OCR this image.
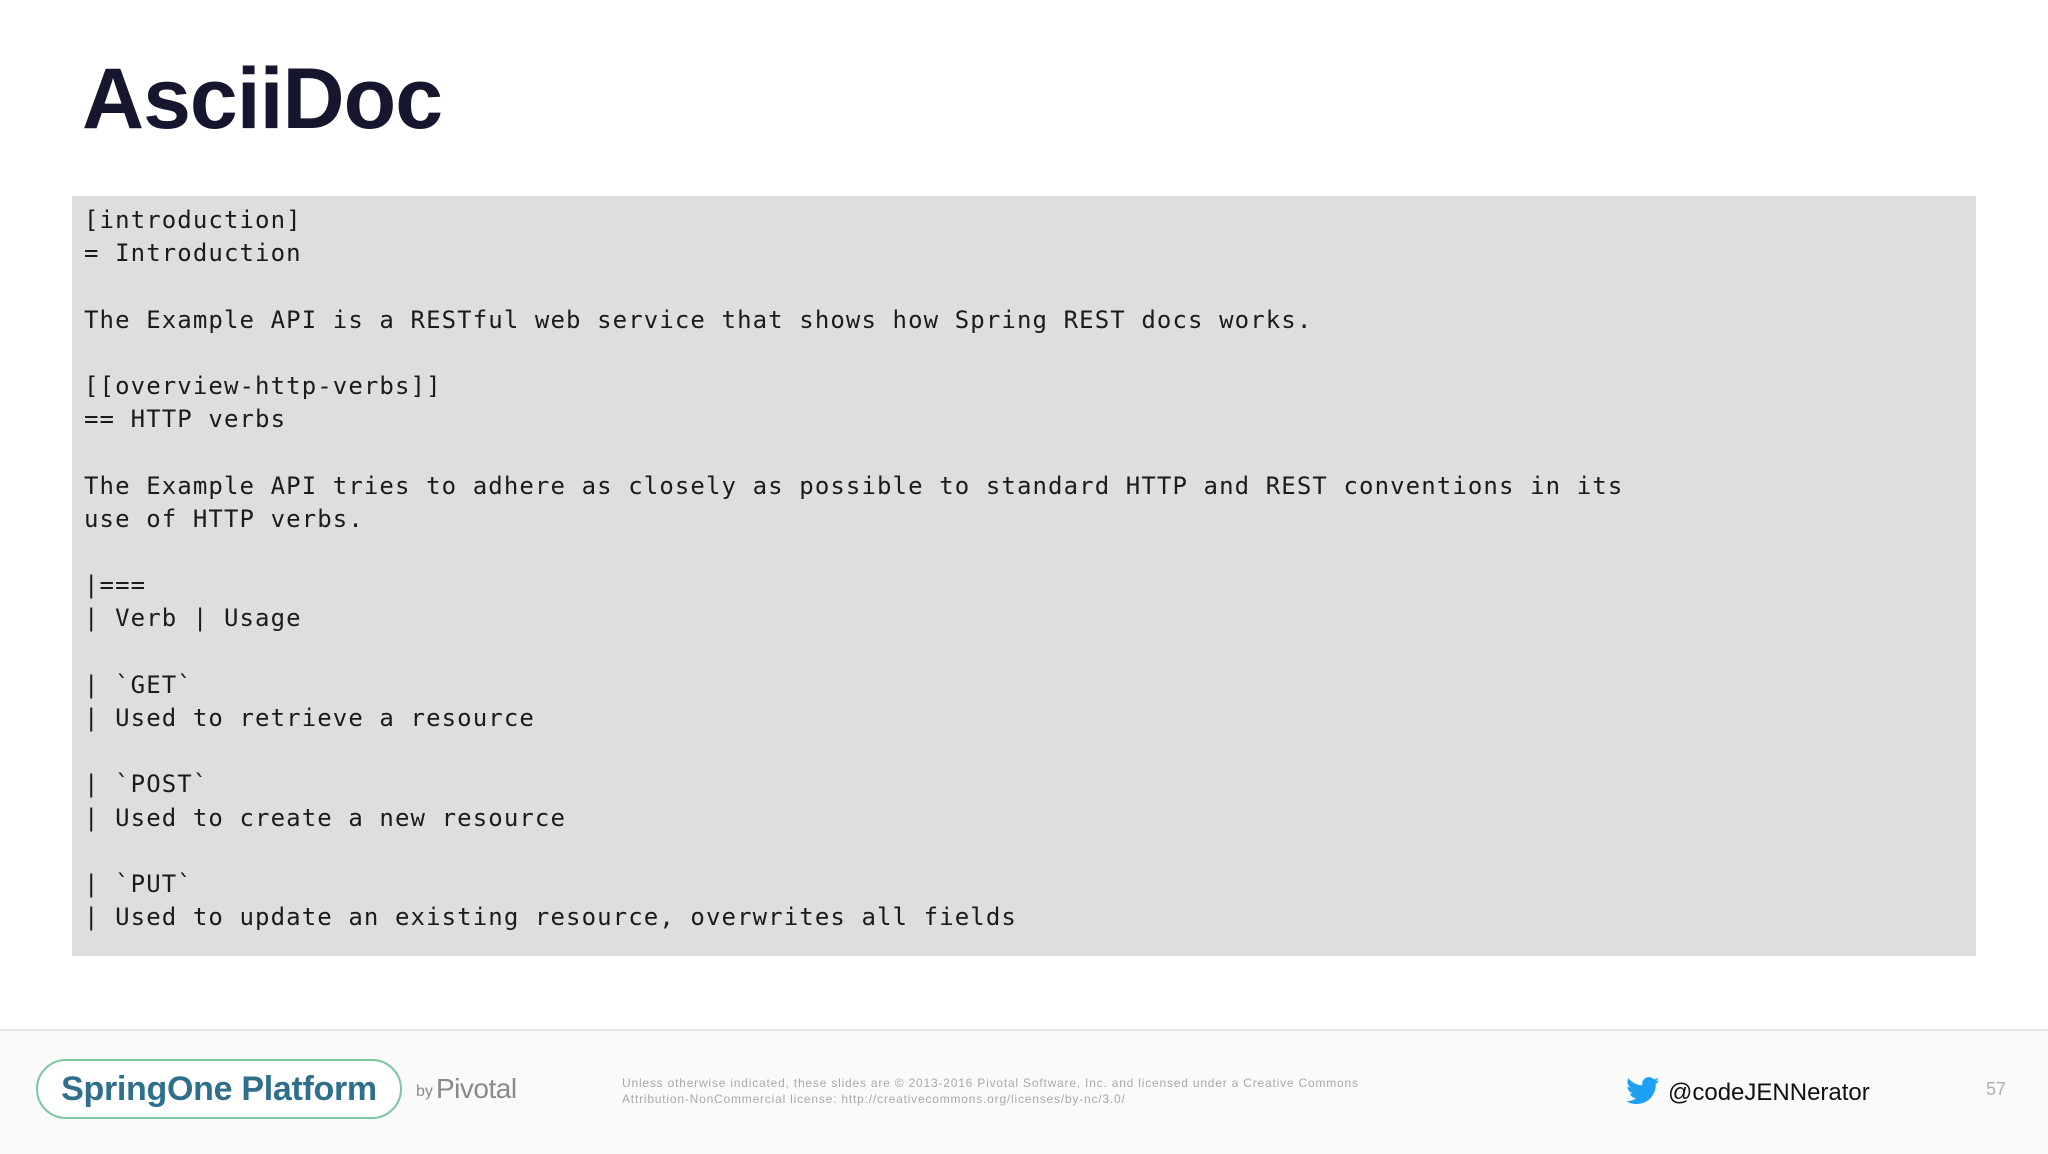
AsciiDoc
[introduction]
= Introduction

The Example API is a RESTful web service that shows how Spring REST docs works.

[[overview-http-verbs]]
== HTTP verbs

The Example API tries to adhere as closely as possible to standard HTTP and REST conventions in its
use of HTTP verbs.

|===
| Verb | Usage

| `GET`
| Used to retrieve a resource

| `POST`
| Used to create a new resource

| `PUT`
| Used to update an existing resource, overwrites all fields
SpringOne Platform by Pivotal	Unless otherwise indicated, these slides are © 2013-2016 Pivotal Software, Inc. and licensed under a Creative Commons
Attribution-NonCommercial license: http://creativecommons.org/licenses/by-nc/3.0/	@codeJENNerator	57
